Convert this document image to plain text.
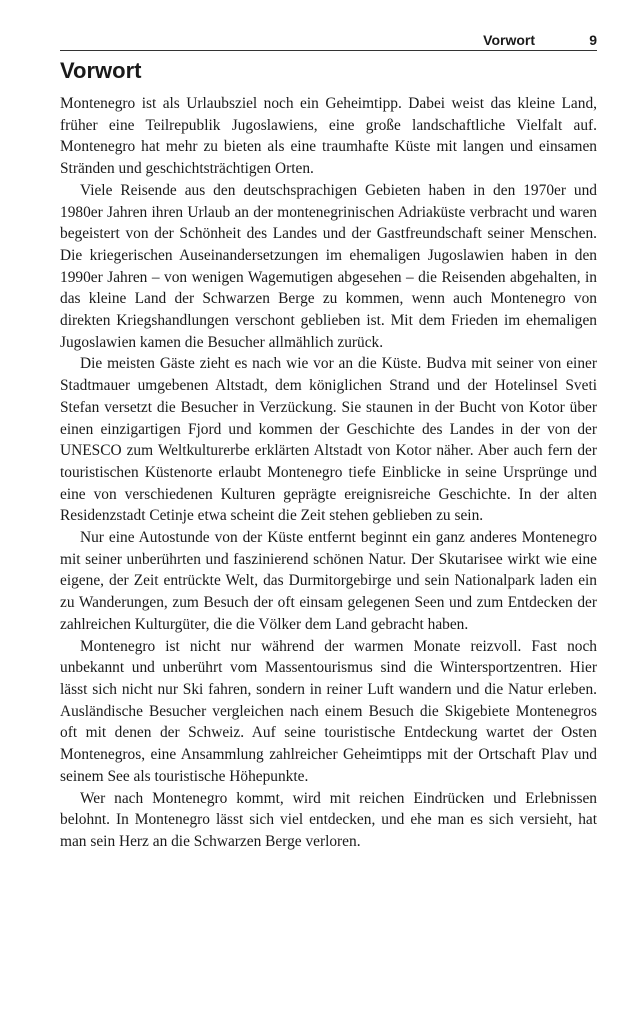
Vorwort	9
Vorwort

Montenegro ist als Urlaubsziel noch ein Geheimtipp. Dabei weist das kleine Land, früher eine Teilrepublik Jugoslawiens, eine große landschaftliche Vielfalt auf. Montenegro hat mehr zu bieten als eine traumhafte Küste mit langen und einsamen Stränden und geschichtsträchtigen Orten.

Viele Reisende aus den deutschsprachigen Gebieten haben in den 1970er und 1980er Jahren ihren Urlaub an der montenegrinischen Adriaküste verbracht und waren begeistert von der Schönheit des Landes und der Gastfreundschaft seiner Menschen. Die kriegerischen Auseinandersetzungen im ehemaligen Jugoslawien haben in den 1990er Jahren – von wenigen Wagemutigen abgesehen – die Reisenden abgehalten, in das kleine Land der Schwarzen Berge zu kommen, wenn auch Montenegro von direkten Kriegshandlungen verschont geblieben ist. Mit dem Frieden im ehemaligen Jugoslawien kamen die Besucher allmählich zurück.

Die meisten Gäste zieht es nach wie vor an die Küste. Budva mit seiner von einer Stadtmauer umgebenen Altstadt, dem königlichen Strand und der Hotelinsel Sveti Stefan versetzt die Besucher in Verzückung. Sie staunen in der Bucht von Kotor über einen einzigartigen Fjord und kommen der Geschichte des Landes in der von der UNESCO zum Weltkulturerbe erklärten Altstadt von Kotor näher. Aber auch fern der touristischen Küstenorte erlaubt Montenegro tiefe Einblicke in seine Ursprünge und eine von verschiedenen Kulturen geprägte ereignisreiche Geschichte. In der alten Residenzstadt Cetinje etwa scheint die Zeit stehen geblieben zu sein.

Nur eine Autostunde von der Küste entfernt beginnt ein ganz anderes Montenegro mit seiner unberührten und faszinierend schönen Natur. Der Skutarisee wirkt wie eine eigene, der Zeit entrückte Welt, das Durmitorgebirge und sein Nationalpark laden ein zu Wanderungen, zum Besuch der oft einsam gelegenen Seen und zum Entdecken der zahlreichen Kulturgüter, die die Völker dem Land gebracht haben.

Montenegro ist nicht nur während der warmen Monate reizvoll. Fast noch unbekannt und unberührt vom Massentourismus sind die Wintersportzentren. Hier lässt sich nicht nur Ski fahren, sondern in reiner Luft wandern und die Natur erleben. Ausländische Besucher vergleichen nach einem Besuch die Skigebiete Montenegros oft mit denen der Schweiz. Auf seine touristische Entdeckung wartet der Osten Montenegros, eine Ansammlung zahlreicher Geheimtipps mit der Ortschaft Plav und seinem See als touristische Höhepunkte.

Wer nach Montenegro kommt, wird mit reichen Eindrücken und Erlebnissen belohnt. In Montenegro lässt sich viel entdecken, und ehe man es sich versieht, hat man sein Herz an die Schwarzen Berge verloren.
